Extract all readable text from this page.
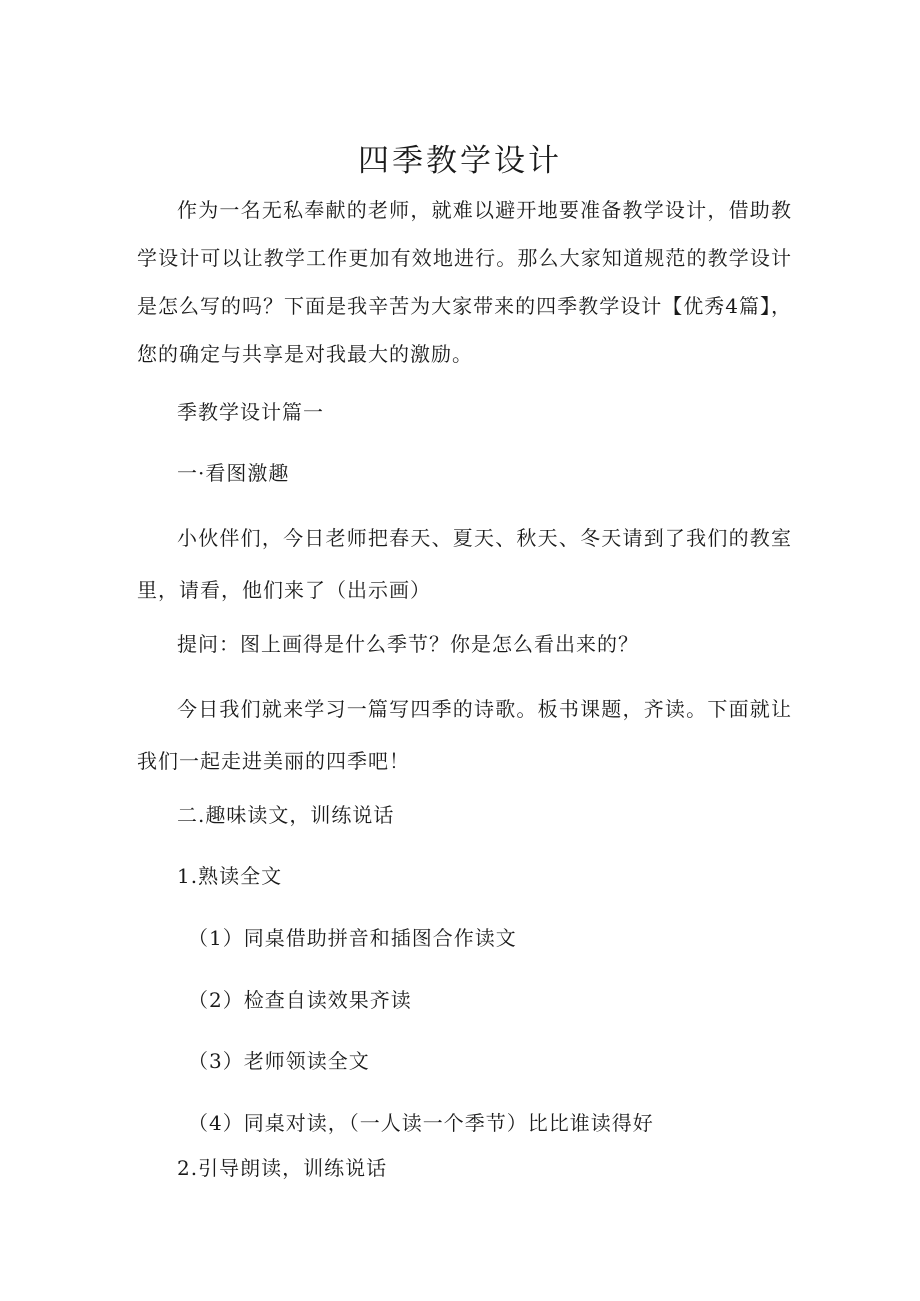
四季教学设计

作为一名无私奉献的老师，就难以避开地要准备教学设计，借助教学设计可以让教学工作更加有效地进行。那么大家知道规范的教学设计是怎么写的吗？下面是我辛苦为大家带来的四季教学设计【优秀4篇】，您的确定与共享是对我最大的激励。

季教学设计篇一
一·看图激趣

小伙伴们，今日老师把春天、夏天、秋天、冬天请到了我们的教室里，请看，他们来了（出示画）

提问：图上画得是什么季节？你是怎么看出来的？

今日我们就来学习一篇写四季的诗歌。板书课题，齐读。下面就让我们一起走进美丽的四季吧！

二.趣味读文，训练说话
1.熟读全文
（1）同桌借助拼音和插图合作读文
（2）检查自读效果齐读
（3）老师领读全文
（4）同桌对读，（一人读一个季节）比比谁读得好
2.引导朗读，训练说话
